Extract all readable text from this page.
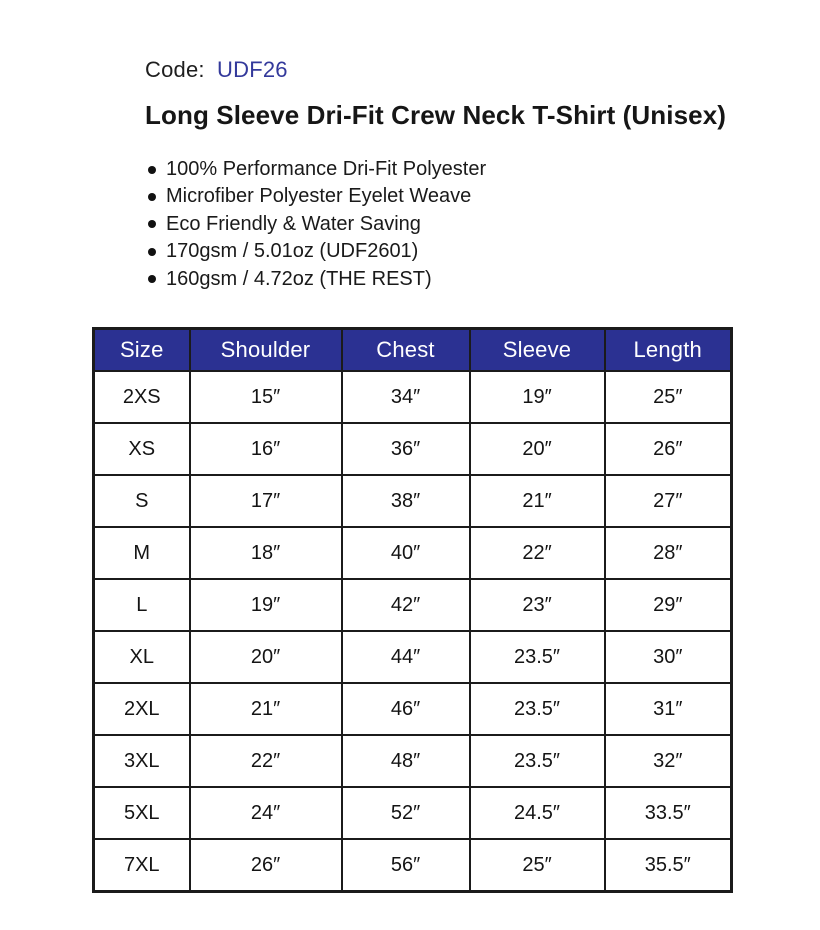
Code: UDF26
Long Sleeve Dri-Fit Crew Neck T-Shirt (Unisex)
100% Performance Dri-Fit Polyester
Microfiber Polyester Eyelet Weave
Eco Friendly & Water Saving
170gsm / 5.01oz (UDF2601)
160gsm / 4.72oz (THE REST)
Size	Shoulder	Chest	Sleeve	Length
2XS	15″	34″	19″	25″
XS	16″	36″	20″	26″
S	17″	38″	21″	27″
M	18″	40″	22″	28″
L	19″	42″	23″	29″
XL	20″	44″	23.5″	30″
2XL	21″	46″	23.5″	31″
3XL	22″	48″	23.5″	32″
5XL	24″	52″	24.5″	33.5″
7XL	26″	56″	25″	35.5″
